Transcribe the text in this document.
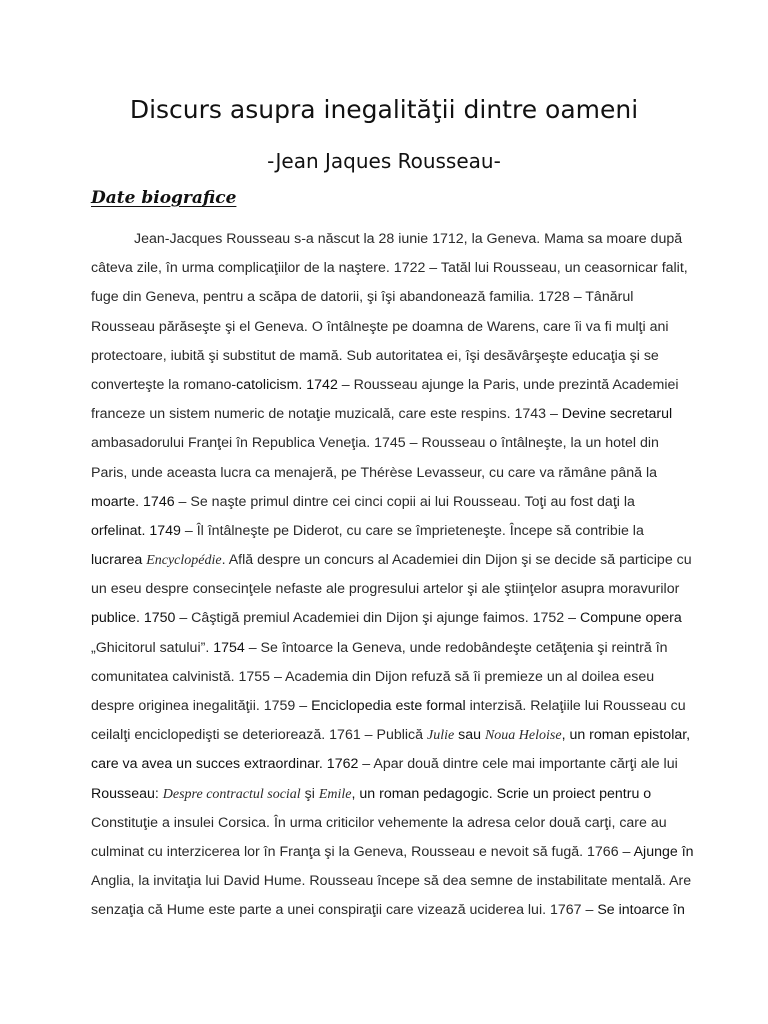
Discurs asupra inegalităţii dintre oameni
-Jean Jaques Rousseau-
Date biografice
Jean-Jacques Rousseau s-a născut la 28 iunie 1712, la Geneva. Mama sa moare după
câteva zile, în urma complicaţiilor de la naştere. 1722 – Tatăl lui Rousseau, un ceasornicar falit,
fuge din Geneva, pentru a scăpa de datorii, şi îşi abandonează familia. 1728 – Tânărul
Rousseau părăseşte şi el Geneva. O întâlneşte pe doamna de Warens, care îi va fi mulţi ani
protectoare, iubită şi substitut de mamă. Sub autoritatea ei, îşi desăvârşeşte educaţia şi se
converteşte la romano-catolicism. 1742 – Rousseau ajunge la Paris, unde prezintă Academiei
franceze un sistem numeric de notaţie muzicală, care este respins. 1743 – Devine secretarul
ambasadorului Franţei în Republica Veneţia. 1745 – Rousseau o întâlneşte, la un hotel din
Paris, unde aceasta lucra ca menajeră, pe Thérèse Levasseur, cu care va rămâne până la
moarte. 1746 – Se naşte primul dintre cei cinci copii ai lui Rousseau. Toţi au fost daţi la
orfelinat. 1749 – Îl întâlneşte pe Diderot, cu care se împrieteneşte. Începe să contribie la
lucrarea Encyclopédie. Află despre un concurs al Academiei din Dijon şi se decide să participe cu
un eseu despre consecinţele nefaste ale progresului artelor şi ale ştiinţelor asupra moravurilor
publice. 1750 – Câştigă premiul Academiei din Dijon şi ajunge faimos. 1752 – Compune opera
„Ghicitorul satului”. 1754 – Se întoarce la Geneva, unde redobândeşte cetăţenia şi reintră în
comunitatea calvinistă. 1755 – Academia din Dijon refuză să îi premieze un al doilea eseu
despre originea inegalităţii. 1759 – Enciclopedia este formal interzisă. Relaţiile lui Rousseau cu
ceilalţi enciclopedişti se deteriorează. 1761 – Publică Julie sau Noua Heloise, un roman epistolar,
care va avea un succes extraordinar. 1762 – Apar două dintre cele mai importante cărţi ale lui
Rousseau: Despre contractul social şi Emile, un roman pedagogic. Scrie un proiect pentru o
Constituţie a insulei Corsica. În urma criticilor vehemente la adresa celor două carţi, care au
culminat cu interzicerea lor în Franţa şi la Geneva, Rousseau e nevoit să fugă. 1766 – Ajunge în
Anglia, la invitaţia lui David Hume. Rousseau începe să dea semne de instabilitate mentală. Are
senzaţia că Hume este parte a unei conspiraţii care vizează uciderea lui. 1767 – Se intoarce în
